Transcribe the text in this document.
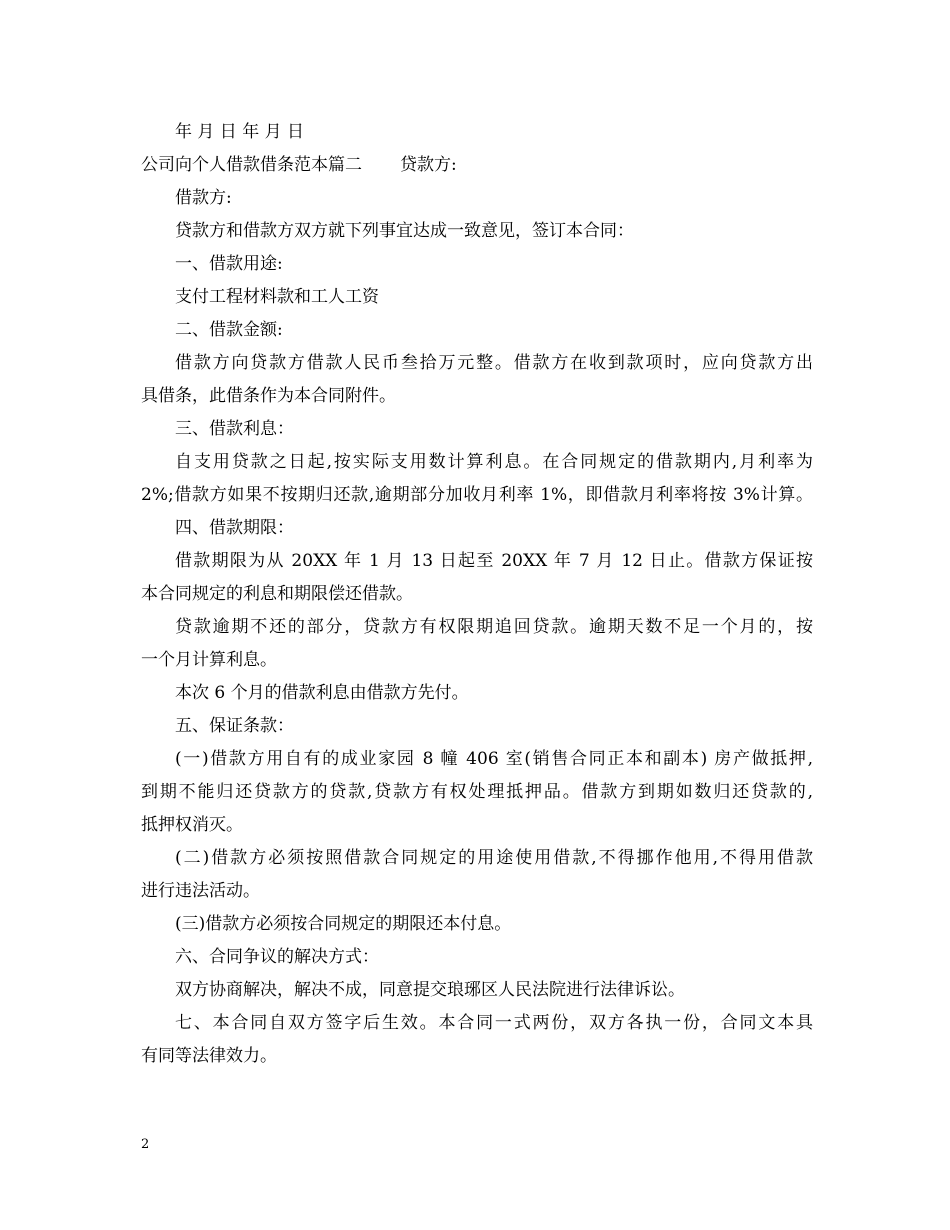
年 月 日 年 月 日
公司向个人借款借条范本篇二 贷款方:
借款方:
贷款方和借款方双方就下列事宜达成一致意见，签订本合同：
一、借款用途:
支付工程材料款和工人工资
二、借款金额:
借款方向贷款方借款人民币叁拾万元整。借款方在收到款项时，应向贷款方出
具借条，此借条作为本合同附件。
三、借款利息：
自支用贷款之日起,按实际支用数计算利息。在合同规定的借款期内,月利率为
2%;借款方如果不按期归还款,逾期部分加收月利率 1%，即借款月利率将按 3%计算。
四、借款期限：
借款期限为从 20XX 年 1 月 13 日起至 20XX 年 7 月 12 日止。借款方保证按
本合同规定的利息和期限偿还借款。
贷款逾期不还的部分，贷款方有权限期追回贷款。逾期天数不足一个月的，按
一个月计算利息。
本次 6 个月的借款利息由借款方先付。
五、保证条款：
(一)借款方用自有的成业家园 8 幢 406 室(销售合同正本和副本) 房产做抵押,
到期不能归还贷款方的贷款,贷款方有权处理抵押品。借款方到期如数归还贷款的,
抵押权消灭。
(二)借款方必须按照借款合同规定的用途使用借款,不得挪作他用,不得用借款
进行违法活动。
(三)借款方必须按合同规定的期限还本付息。
六、合同争议的解决方式：
双方协商解决，解决不成，同意提交琅琊区人民法院进行法律诉讼。
七、本合同自双方签字后生效。本合同一式两份，双方各执一份，合同文本具
有同等法律效力。
2
